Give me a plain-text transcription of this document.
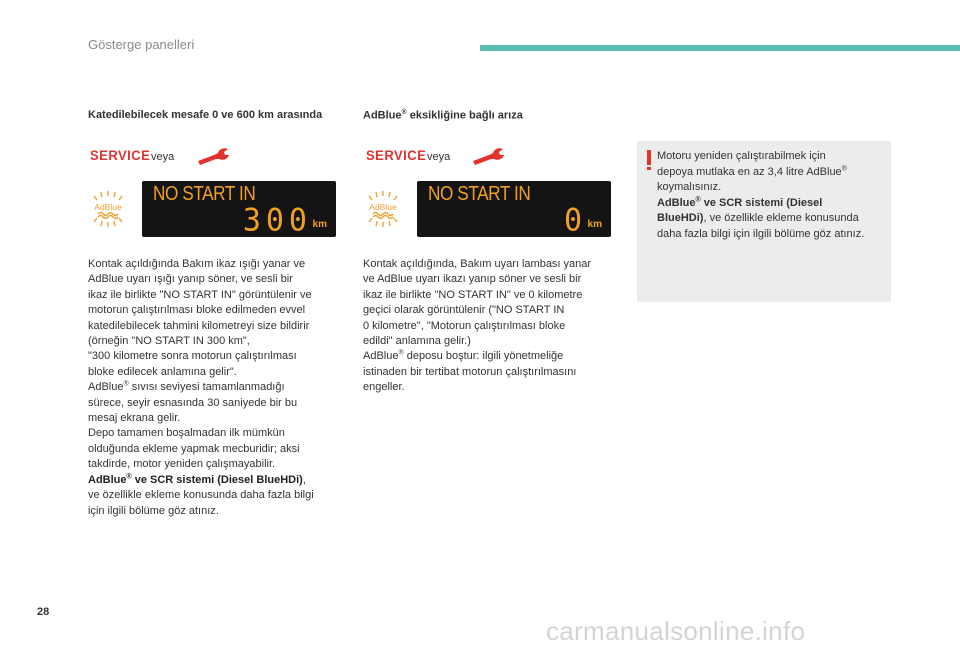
Gösterge panelleri
Katedilebilecek mesafe 0 ve 600 km arasında
SERVICE veya
AdBlue
NO START IN
300 km

Kontak açıldığında Bakım ikaz ışığı yanar ve
AdBlue uyarı ışığı yanıp söner, ve sesli bir
ikaz ile birlikte "NO START IN" görüntülenir ve
motorun çalıştırılması bloke edilmeden evvel
katedilebilecek tahmini kilometreyi size bildirir
(örneğin "NO START IN 300 km",
"300 kilometre sonra motorun çalıştırılması
bloke edilecek anlamına gelir".

AdBlue® sıvısı seviyesi tamamlanmadığı
sürece, seyir esnasında 30 saniyede bir bu
mesaj ekrana gelir.

Depo tamamen boşalmadan ilk mümkün
olduğunda ekleme yapmak mecburidir; aksi
takdirde, motor yeniden çalışmayabilir.

AdBlue® ve SCR sistemi (Diesel BlueHDi),
ve özellikle ekleme konusunda daha fazla bilgi
için ilgili bölüme göz atınız.

AdBlue® eksikliğine bağlı arıza
SERVICE veya
AdBlue
NO START IN
0 km

Kontak açıldığında, Bakım uyarı lambası yanar
ve AdBlue uyarı ikazı yanıp söner ve sesli bir
ikaz ile birlikte "NO START IN" ve 0 kilometre
geçici olarak görüntülenir ("NO START IN
0 kilometre", "Motorun çalıştırılması bloke
edildi" anlamına gelir.)

AdBlue® deposu boştur: ilgili yönetmeliğe
istinaden bir tertibat motorun çalıştırılmasını
engeller.

Motoru yeniden çalıştırabilmek için
depoya mutlaka en az 3,4 litre AdBlue®
koymalısınız.
AdBlue® ve SCR sistemi (Diesel
BlueHDi), ve özellikle ekleme konusunda
daha fazla bilgi için ilgili bölüme göz atınız.

28
carmanualsonline.info
